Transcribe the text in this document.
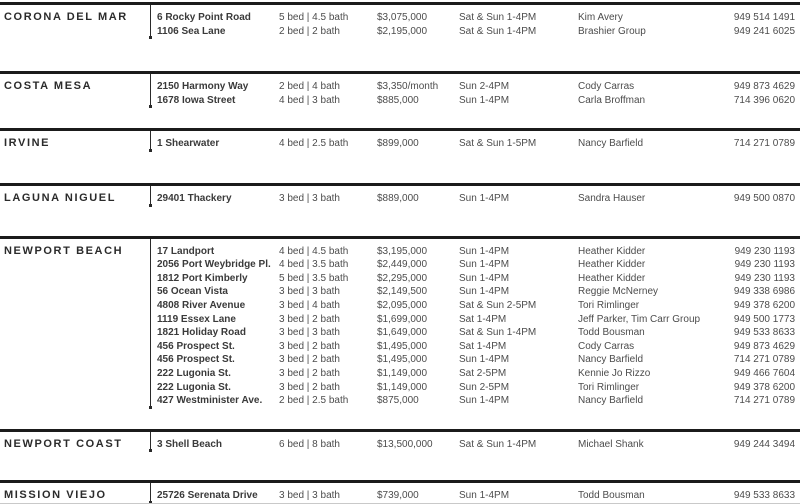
CORONA DEL MAR	6 Rocky Point Road	5 bed | 4.5 bath	$3,075,000	Sat & Sun 1-4PM	Kim Avery	949 514 1491
1106 Sea Lane	2 bed | 2 bath	$2,195,000	Sat & Sun 1-4PM	Brashier Group	949 241 6025
COSTA MESA	2150 Harmony Way	2 bed | 4 bath	$3,350/month	Sun 2-4PM	Cody Carras	949 873 4629
1678 Iowa Street	4 bed | 3 bath	$885,000	Sun 1-4PM	Carla Broffman	714 396 0620
IRVINE	1 Shearwater	4 bed | 2.5 bath	$899,000	Sat & Sun 1-5PM	Nancy Barfield	714 271 0789
LAGUNA NIGUEL	29401 Thackery	3 bed | 3 bath	$889,000	Sun 1-4PM	Sandra Hauser	949 500 0870
NEWPORT BEACH	17 Landport	4 bed | 4.5 bath	$3,195,000	Sun 1-4PM	Heather Kidder	949 230 1193
2056 Port Weybridge Pl. 4 bed | 3.5 bath	$2,449,000	Sun 1-4PM	Heather Kidder	949 230 1193
1812 Port Kimberly	5 bed | 3.5 bath	$2,295,000	Sun 1-4PM	Heather Kidder	949 230 1193
56 Ocean Vista	3 bed | 3 bath	$2,149,500	Sun 1-4PM	Reggie McNerney	949 338 6986
4808 River Avenue	3 bed | 4 bath	$2,095,000	Sat & Sun 2-5PM	Tori Rimlinger	949 378 6200
1119 Essex Lane	3 bed | 2 bath	$1,699,000	Sat 1-4PM	Jeff Parker, Tim Carr Group	949 500 1773
1821 Holiday Road	3 bed | 3 bath	$1,649,000	Sat & Sun 1-4PM	Todd Bousman	949 533 8633
456 Prospect St.	3 bed | 2 bath	$1,495,000	Sat 1-4PM	Cody Carras	949 873 4629
456 Prospect St.	3 bed | 2 bath	$1,495,000	Sun 1-4PM	Nancy Barfield	714 271 0789
222 Lugonia St.	3 bed | 2 bath	$1,149,000	Sat 2-5PM	Kennie Jo Rizzo	949 466 7604
222 Lugonia St.	3 bed | 2 bath	$1,149,000	Sun 2-5PM	Tori Rimlinger	949 378 6200
427 Westminister Ave.	2 bed | 2.5 bath	$875,000	Sun 1-4PM	Nancy Barfield	714 271 0789
NEWPORT COAST	3 Shell Beach	6 bed | 8 bath	$13,500,000	Sat & Sun 1-4PM	Michael Shank	949 244 3494
MISSION VIEJO	25726 Serenata Drive	3 bed | 3 bath	$739,000	Sun 1-4PM	Todd Bousman	949 533 8633
